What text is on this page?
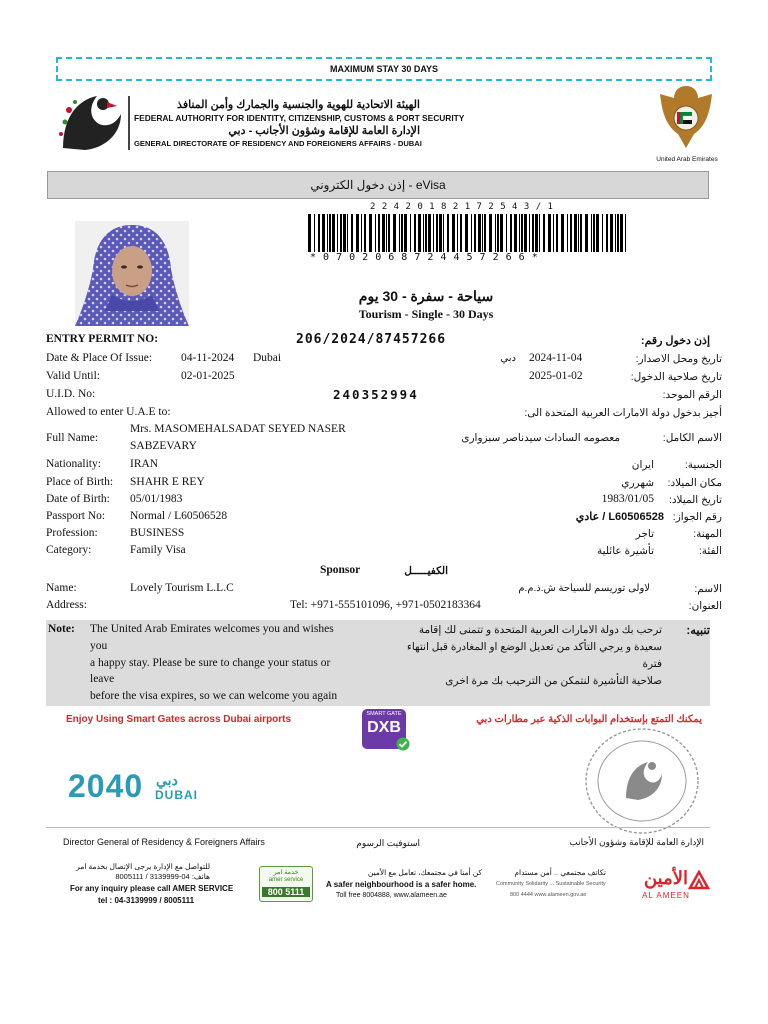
MAXIMUM STAY 30 DAYS
الهيئة الاتحادية للهوية والجنسية والجمارك وأمن المنافذ
FEDERAL AUTHORITY FOR IDENTITY, CITIZENSHIP, CUSTOMS & PORT SECURITY
الإدارة العامة للإقامة وشؤون الأجانب - دبي
GENERAL DIRECTORATE OF RESIDENCY AND FOREIGNERS AFFAIRS - DUBAI
United Arab Emirates
إذن دخول الكتروني - eVisa
2 2 4 2 0 1 8 2 1 7 2 5 4 3 / 1
* 0 7 0 2 0 6 8 7 2 4 4 5 7 2 6 6 *
سياحة - سفرة - 30 يوم
Tourism - Single - 30 Days
ENTRY PERMIT NO:	206/2024/87457266	إذن دخول رقم:
Date & Place Of Issue:	04-11-2024 Dubai	دبي 2024-11-04	تاريخ ومحل الاصدار:
Valid Until:	02-01-2025	2025-01-02	تاريخ صلاحية الدخول:
U.I.D. No:	240352994	الرقم الموحد:
Allowed to enter U.A.E to:	أجيز بدخول دولة الامارات العربية المتحدة الى:
Full Name:
Mrs. MASOMEHALSADAT SEYED NASER
SABZEVARY
معصومه السادات سيدناصر سبزوارى	الاسم الكامل:
Nationality:	IRAN	ايران	الجنسية:
Place of Birth: SHAHR E REY	شهرري	مكان الميلاد:
Date of Birth: 05/01/1983	1983/01/05	تاريخ الميلاد:
Passport No: Normal / L60506528	L60506528 / عادي رقم الجواز:
Profession:	BUSINESS	تاجر	المهنة:
Category:	Family Visa	تأشيرة عائلية	الفئة:
Sponsor	الكفيـــــل
Name:	Lovely Tourism L.L.C	لاولى توريسم للسياحة ش.ذ.م.م	الاسم:
Address:	Tel: +971-555101096, +971-0502183364	العنوان:
Note: The United Arab Emirates welcomes you and wishes
you
a happy stay. Please be sure to change your status or
leave
before the visa expires, so we can welcome you again
تنبيه:
ترحب بك دولة الامارات العربية المتحدة و تتمنى لك إقامة
سعيدة و يرجي التأكد من تعديل الوضع او المغادرة قبل انتهاء
فترة
صلاحية التأشيرة لنتمكن من الترحيب بك مرة اخرى
Enjoy Using Smart Gates across Dubai airports	يمكنك التمتع بإستخدام البوابات الذكية عبر مطارات دبي
SMART GATE
DXB
2040 دبي
DUBAI
Director General of Residency & Foreigners Affairs	استوفيت الرسوم	الإدارة العامة للإقامة وشؤون الأجانب
للتواصل مع الإدارة يرجى الإتصال بخدمة امر
هاتف: 04-3139999 / 8005111
For any inquiry please call AMER SERVICE
tel : 04-3139999 / 8005111
خدمة امر
amer service
800 5111
كن أمنا في مجتمعك، تعامل مع الأمين
A safer neighbourhood is a safer home.
Toll free 8004888, www.alameen.ae
تكاتف مجتمعي .. أمن مستدام
Community Solidarity ... Sustainable Security
800 4444 www.alameen.gov.ae
الأمين
AL AMEEN
